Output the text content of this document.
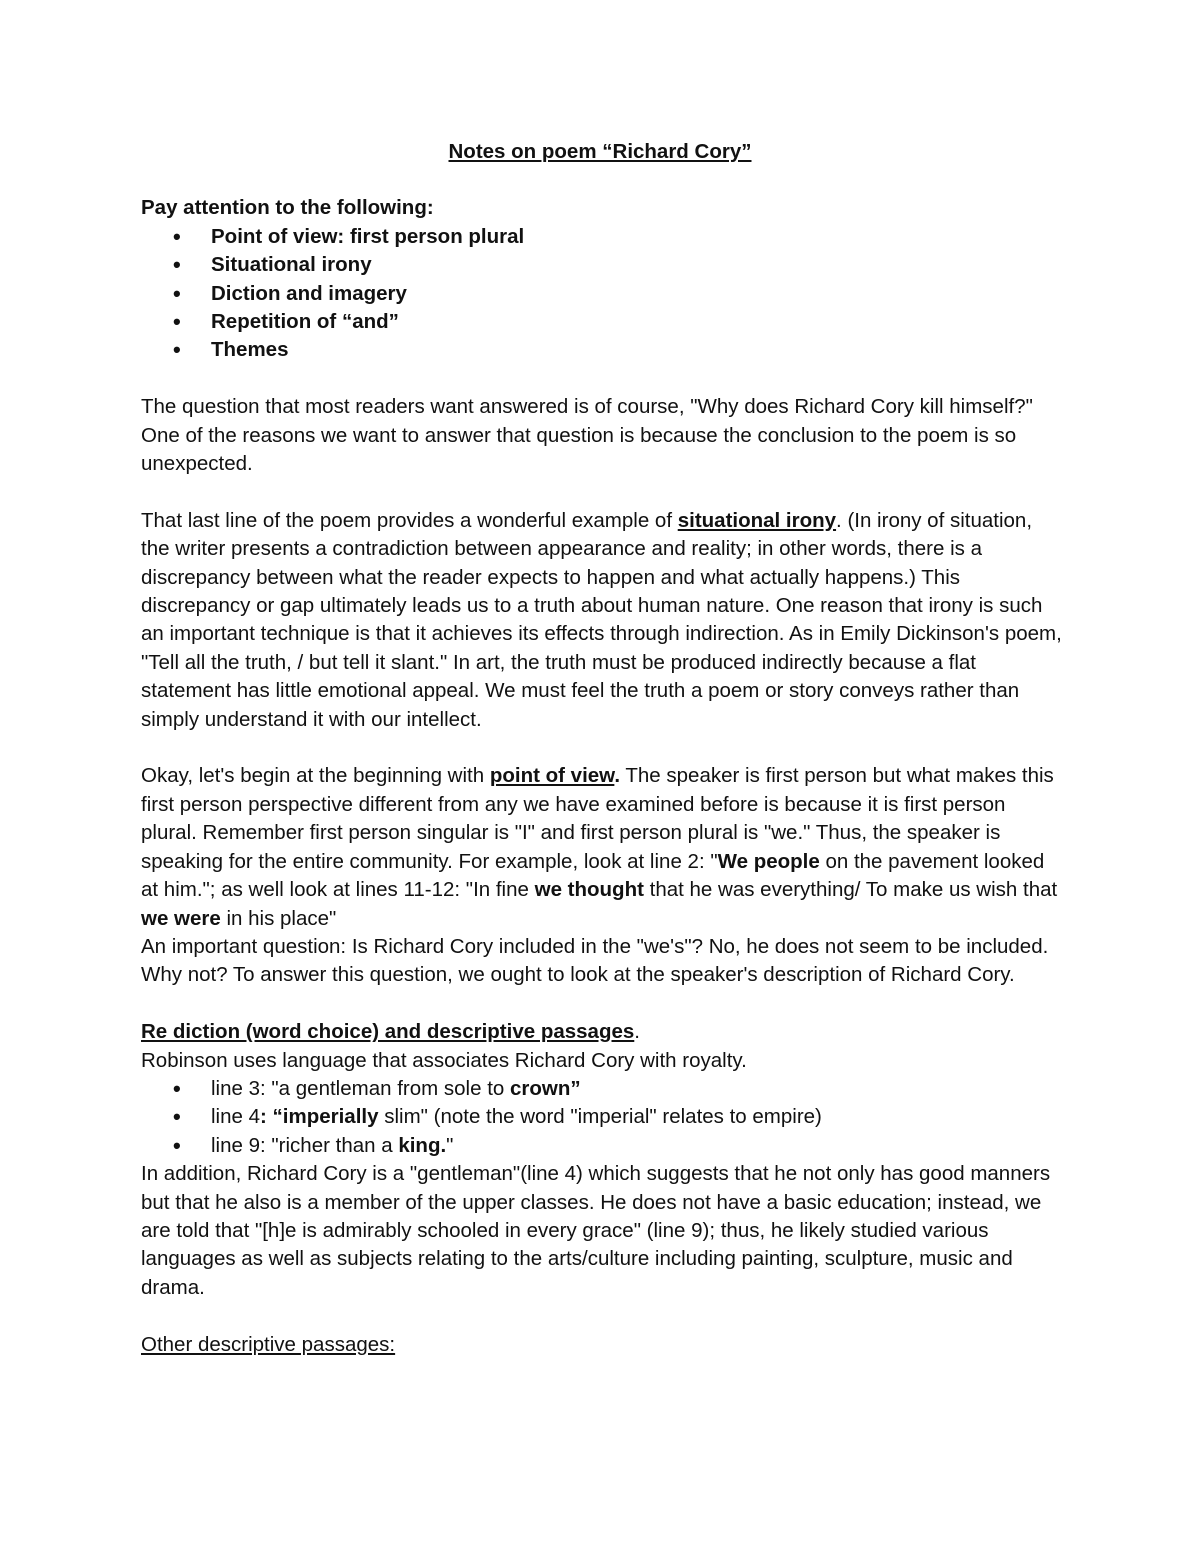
Notes on poem “Richard Cory”

Pay attention to the following:

• Point of view: first person plural
• Situational irony
• Diction and imagery
• Repetition of “and”
• Themes

The question that most readers want answered is of course, "Why does Richard Cory kill himself?" One of the reasons we want to answer that question is because the conclusion to the poem is so unexpected.

That last line of the poem provides a wonderful example of situational irony. (In irony of situation, the writer presents a contradiction between appearance and reality; in other words, there is a discrepancy between what the reader expects to happen and what actually happens.) This discrepancy or gap ultimately leads us to a truth about human nature. One reason that irony is such an important technique is that it achieves its effects through indirection. As in Emily Dickinson's poem, "Tell all the truth, / but tell it slant." In art, the truth must be produced indirectly because a flat statement has little emotional appeal. We must feel the truth a poem or story conveys rather than simply understand it with our intellect.

Okay, let's begin at the beginning with point of view. The speaker is first person but what makes this first person perspective different from any we have examined before is because it is first person plural. Remember first person singular is "I" and first person plural is "we." Thus, the speaker is speaking for the entire community. For example, look at line 2: "We people on the pavement looked at him."; as well look at lines 11-12: "In fine we thought that he was everything/ To make us wish that we were in his place"

An important question: Is Richard Cory included in the "we's"? No, he does not seem to be included. Why not? To answer this question, we ought to look at the speaker's description of Richard Cory.

Re diction (word choice) and descriptive passages.

Robinson uses language that associates Richard Cory with royalty.

• line 3: "a gentleman from sole to crown”
• line 4: “imperially slim" (note the word "imperial" relates to empire)
• line 9: "richer than a king."

In addition, Richard Cory is a "gentleman"(line 4) which suggests that he not only has good manners but that he also is a member of the upper classes. He does not have a basic education; instead, we are told that "[h]e is admirably schooled in every grace" (line 9); thus, he likely studied various languages as well as subjects relating to the arts/culture including painting, sculpture, music and drama.

Other descriptive passages:
